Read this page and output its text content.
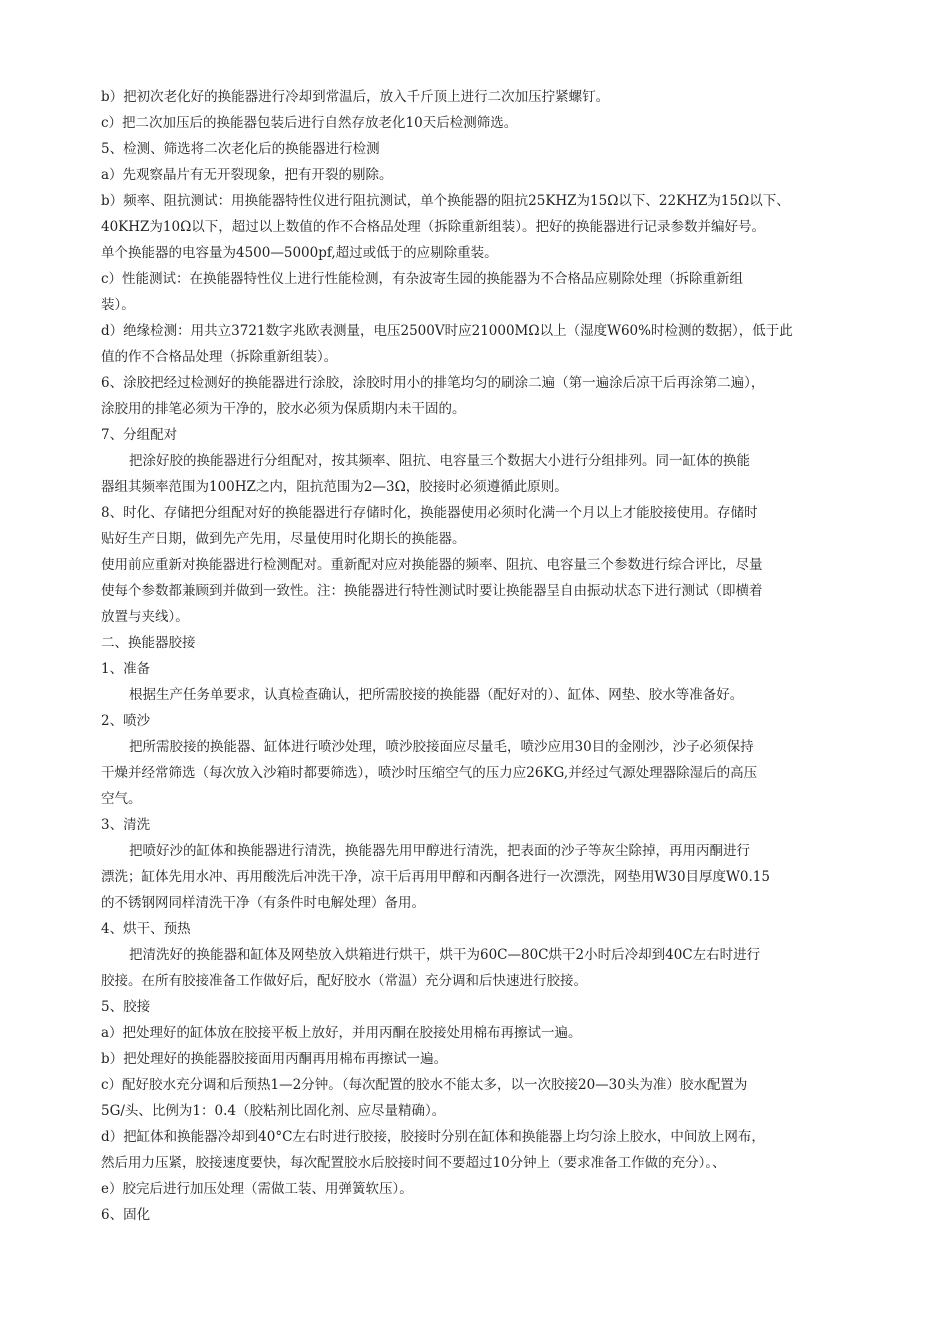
b）把初次老化好的换能器进行冷却到常温后，放入千斤顶上进行二次加压拧紧螺钉。
c）把二次加压后的换能器包装后进行自然存放老化10天后检测筛选。
5、检测、筛选将二次老化后的换能器进行检测
a）先观察晶片有无开裂现象，把有开裂的剔除。
b）频率、阻抗测试：用换能器特性仪进行阻抗测试，单个换能器的阻抗25KHZ为15Ω以下、22KHZ为15Ω以下、
40KHZ为10Ω以下，超过以上数值的作不合格品处理（拆除重新组装）。把好的换能器进行记录参数并编好号。
单个换能器的电容量为4500—5000pf,超过或低于的应剔除重装。
c）性能测试：在换能器特性仪上进行性能检测，有杂波寄生园的换能器为不合格品应剔除处理（拆除重新组
装）。
d）绝缘检测：用共立3721数字兆欧表测量，电压2500V时应21000MΩ以上（湿度W60%时检测的数据），低于此
值的作不合格品处理（拆除重新组装）。
6、涂胶把经过检测好的换能器进行涂胶，涂胶时用小的排笔均匀的刷涂二遍（第一遍涂后凉干后再涂第二遍），
涂胶用的排笔必须为干净的，胶水必须为保质期内未干固的。
7、分组配对
把涂好胶的换能器进行分组配对，按其频率、阻抗、电容量三个数据大小进行分组排列。同一缸体的换能
器组其频率范围为100HZ之内，阻抗范围为2—3Ω，胶接时必须遵循此原则。
8、时化、存储把分组配对好的换能器进行存储时化，换能器使用必须时化满一个月以上才能胶接使用。存储时
贴好生产日期，做到先产先用，尽量使用时化期长的换能器。
使用前应重新对换能器进行检测配对。重新配对应对换能器的频率、阻抗、电容量三个参数进行综合评比，尽量
使每个参数都兼顾到并做到一致性。注：换能器进行特性测试时要让换能器呈自由振动状态下进行测试（即横着
放置与夹线）。
二、换能器胶接
1、准备
根据生产任务单要求，认真检查确认，把所需胶接的换能器（配好对的）、缸体、网垫、胶水等准备好。
2、喷沙
把所需胶接的换能器、缸体进行喷沙处理，喷沙胶接面应尽量毛，喷沙应用30目的金刚沙，沙子必须保持
干燥并经常筛选（每次放入沙箱时都要筛选），喷沙时压缩空气的压力应26KG,并经过气源处理器除湿后的高压
空气。
3、清洗
把喷好沙的缸体和换能器进行清洗，换能器先用甲醇进行清洗，把表面的沙子等灰尘除掉，再用丙酮进行
漂洗；缸体先用水冲、再用酸洗后冲洗干净，凉干后再用甲醇和丙酮各进行一次漂洗，网垫用W30目厚度W0.15
的不锈钢网同样清洗干净（有条件时电解处理）备用。
4、烘干、预热
把清洗好的换能器和缸体及网垫放入烘箱进行烘干，烘干为60C—80C烘干2小时后冷却到40C左右时进行
胶接。在所有胶接准备工作做好后，配好胶水（常温）充分调和后快速进行胶接。
5、胶接
a）把处理好的缸体放在胶接平板上放好，并用丙酮在胶接处用棉布再擦试一遍。
b）把处理好的换能器胶接面用丙酮再用棉布再擦试一遍。
c）配好胶水充分调和后预热1—2分钟。（每次配置的胶水不能太多，以一次胶接20—30头为准）胶水配置为
5G/头、比例为1：0.4（胶粘剂比固化剂、应尽量精确）。
d）把缸体和换能器冷却到40°C左右时进行胶接，胶接时分别在缸体和换能器上均匀涂上胶水，中间放上网布，
然后用力压紧，胶接速度要快，每次配置胶水后胶接时间不要超过10分钟上（要求准备工作做的充分）。、
e）胶完后进行加压处理（需做工装、用弹簧软压）。
6、固化
